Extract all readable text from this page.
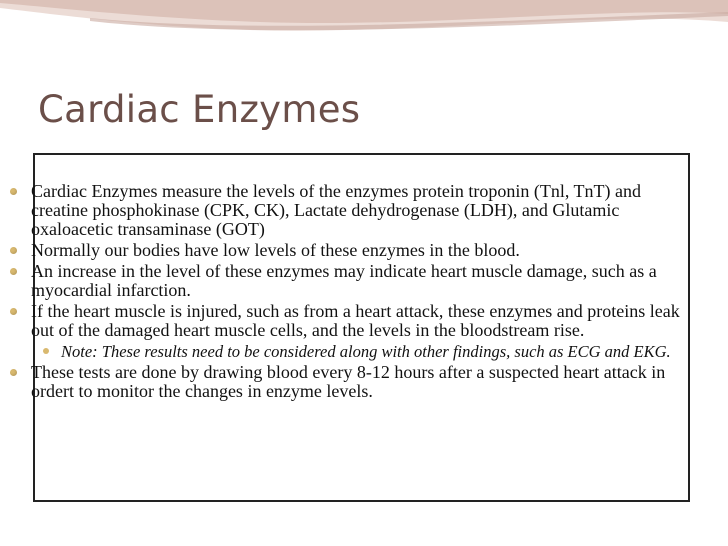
Cardiac Enzymes
Cardiac Enzymes measure the levels of the enzymes protein troponin (Tnl, TnT) and creatine phosphokinase (CPK, CK), Lactate dehydrogenase (LDH), and Glutamic oxaloacetic transaminase (GOT)
Normally our bodies have low levels of these enzymes in the blood.
An increase in the level of these enzymes may indicate heart muscle damage, such as a myocardial infarction.
If the heart muscle is injured, such as from a heart attack, these enzymes and proteins leak out of the damaged heart muscle cells, and the levels in the bloodstream rise.
Note: These results need to be considered along with other findings, such as ECG and EKG.
These tests are done by drawing blood every 8-12 hours after a suspected heart attack in ordert to monitor the changes in enzyme levels.
